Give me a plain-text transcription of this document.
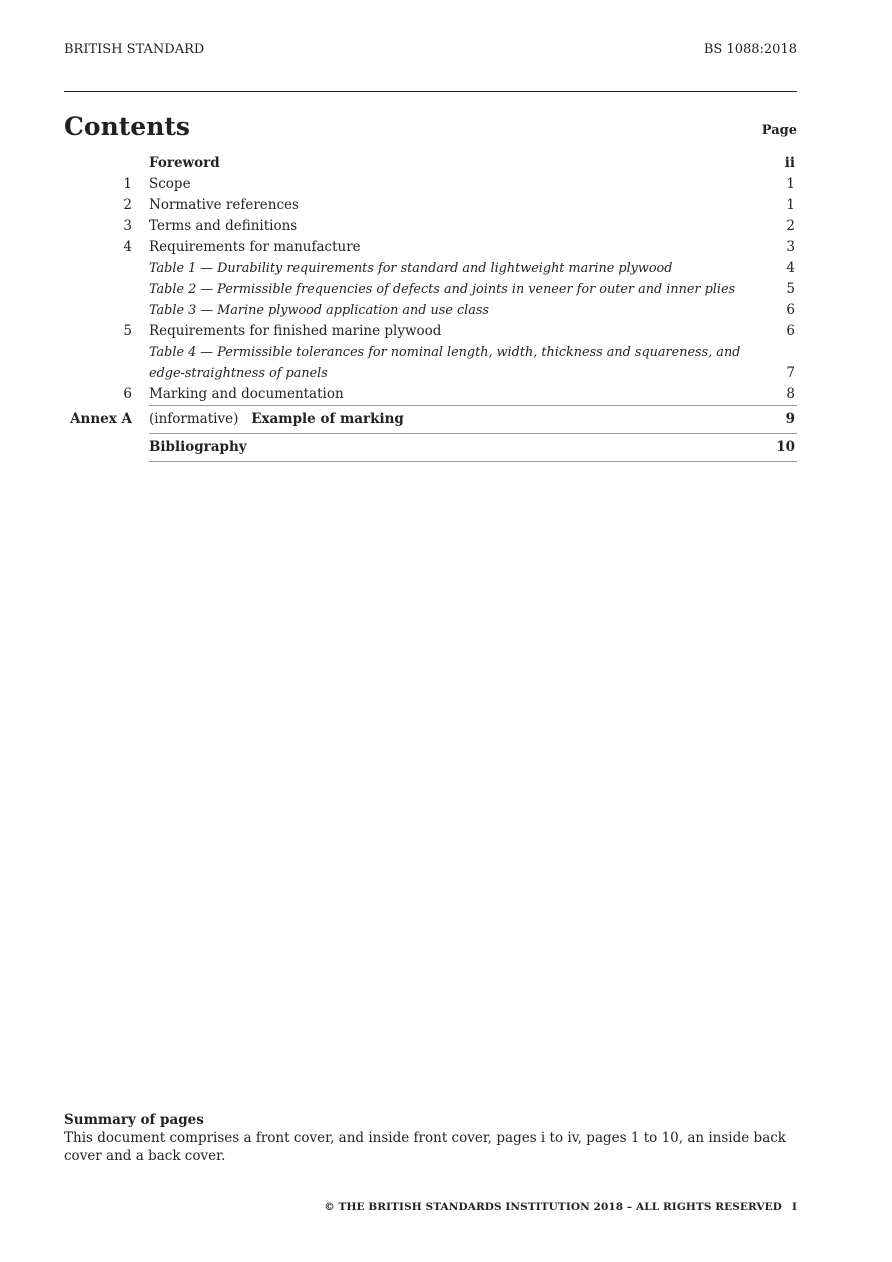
BRITISH STANDARD	BS 1088:2018
Contents	Page
Foreword	ii
1 Scope	1
2 Normative references	1
3 Terms and definitions	2
4 Requirements for manufacture	3
Table 1 — Durability requirements for standard and lightweight marine plywood	4
Table 2 — Permissible frequencies of defects and joints in veneer for outer and inner plies	5
Table 3 — Marine plywood application and use class	6
5 Requirements for finished marine plywood	6
Table 4 — Permissible tolerances for nominal length, width, thickness and squareness, and
edge-straightness of panels	7
6 Marking and documentation	8
Annex A (informative) Example of marking	9
Bibliography	10
Summary of pages
This document comprises a front cover, and inside front cover, pages i to iv, pages 1 to 10, an inside back cover and a back cover.
© THE BRITISH STANDARDS INSTITUTION 2018 – ALL RIGHTS RESERVED I
